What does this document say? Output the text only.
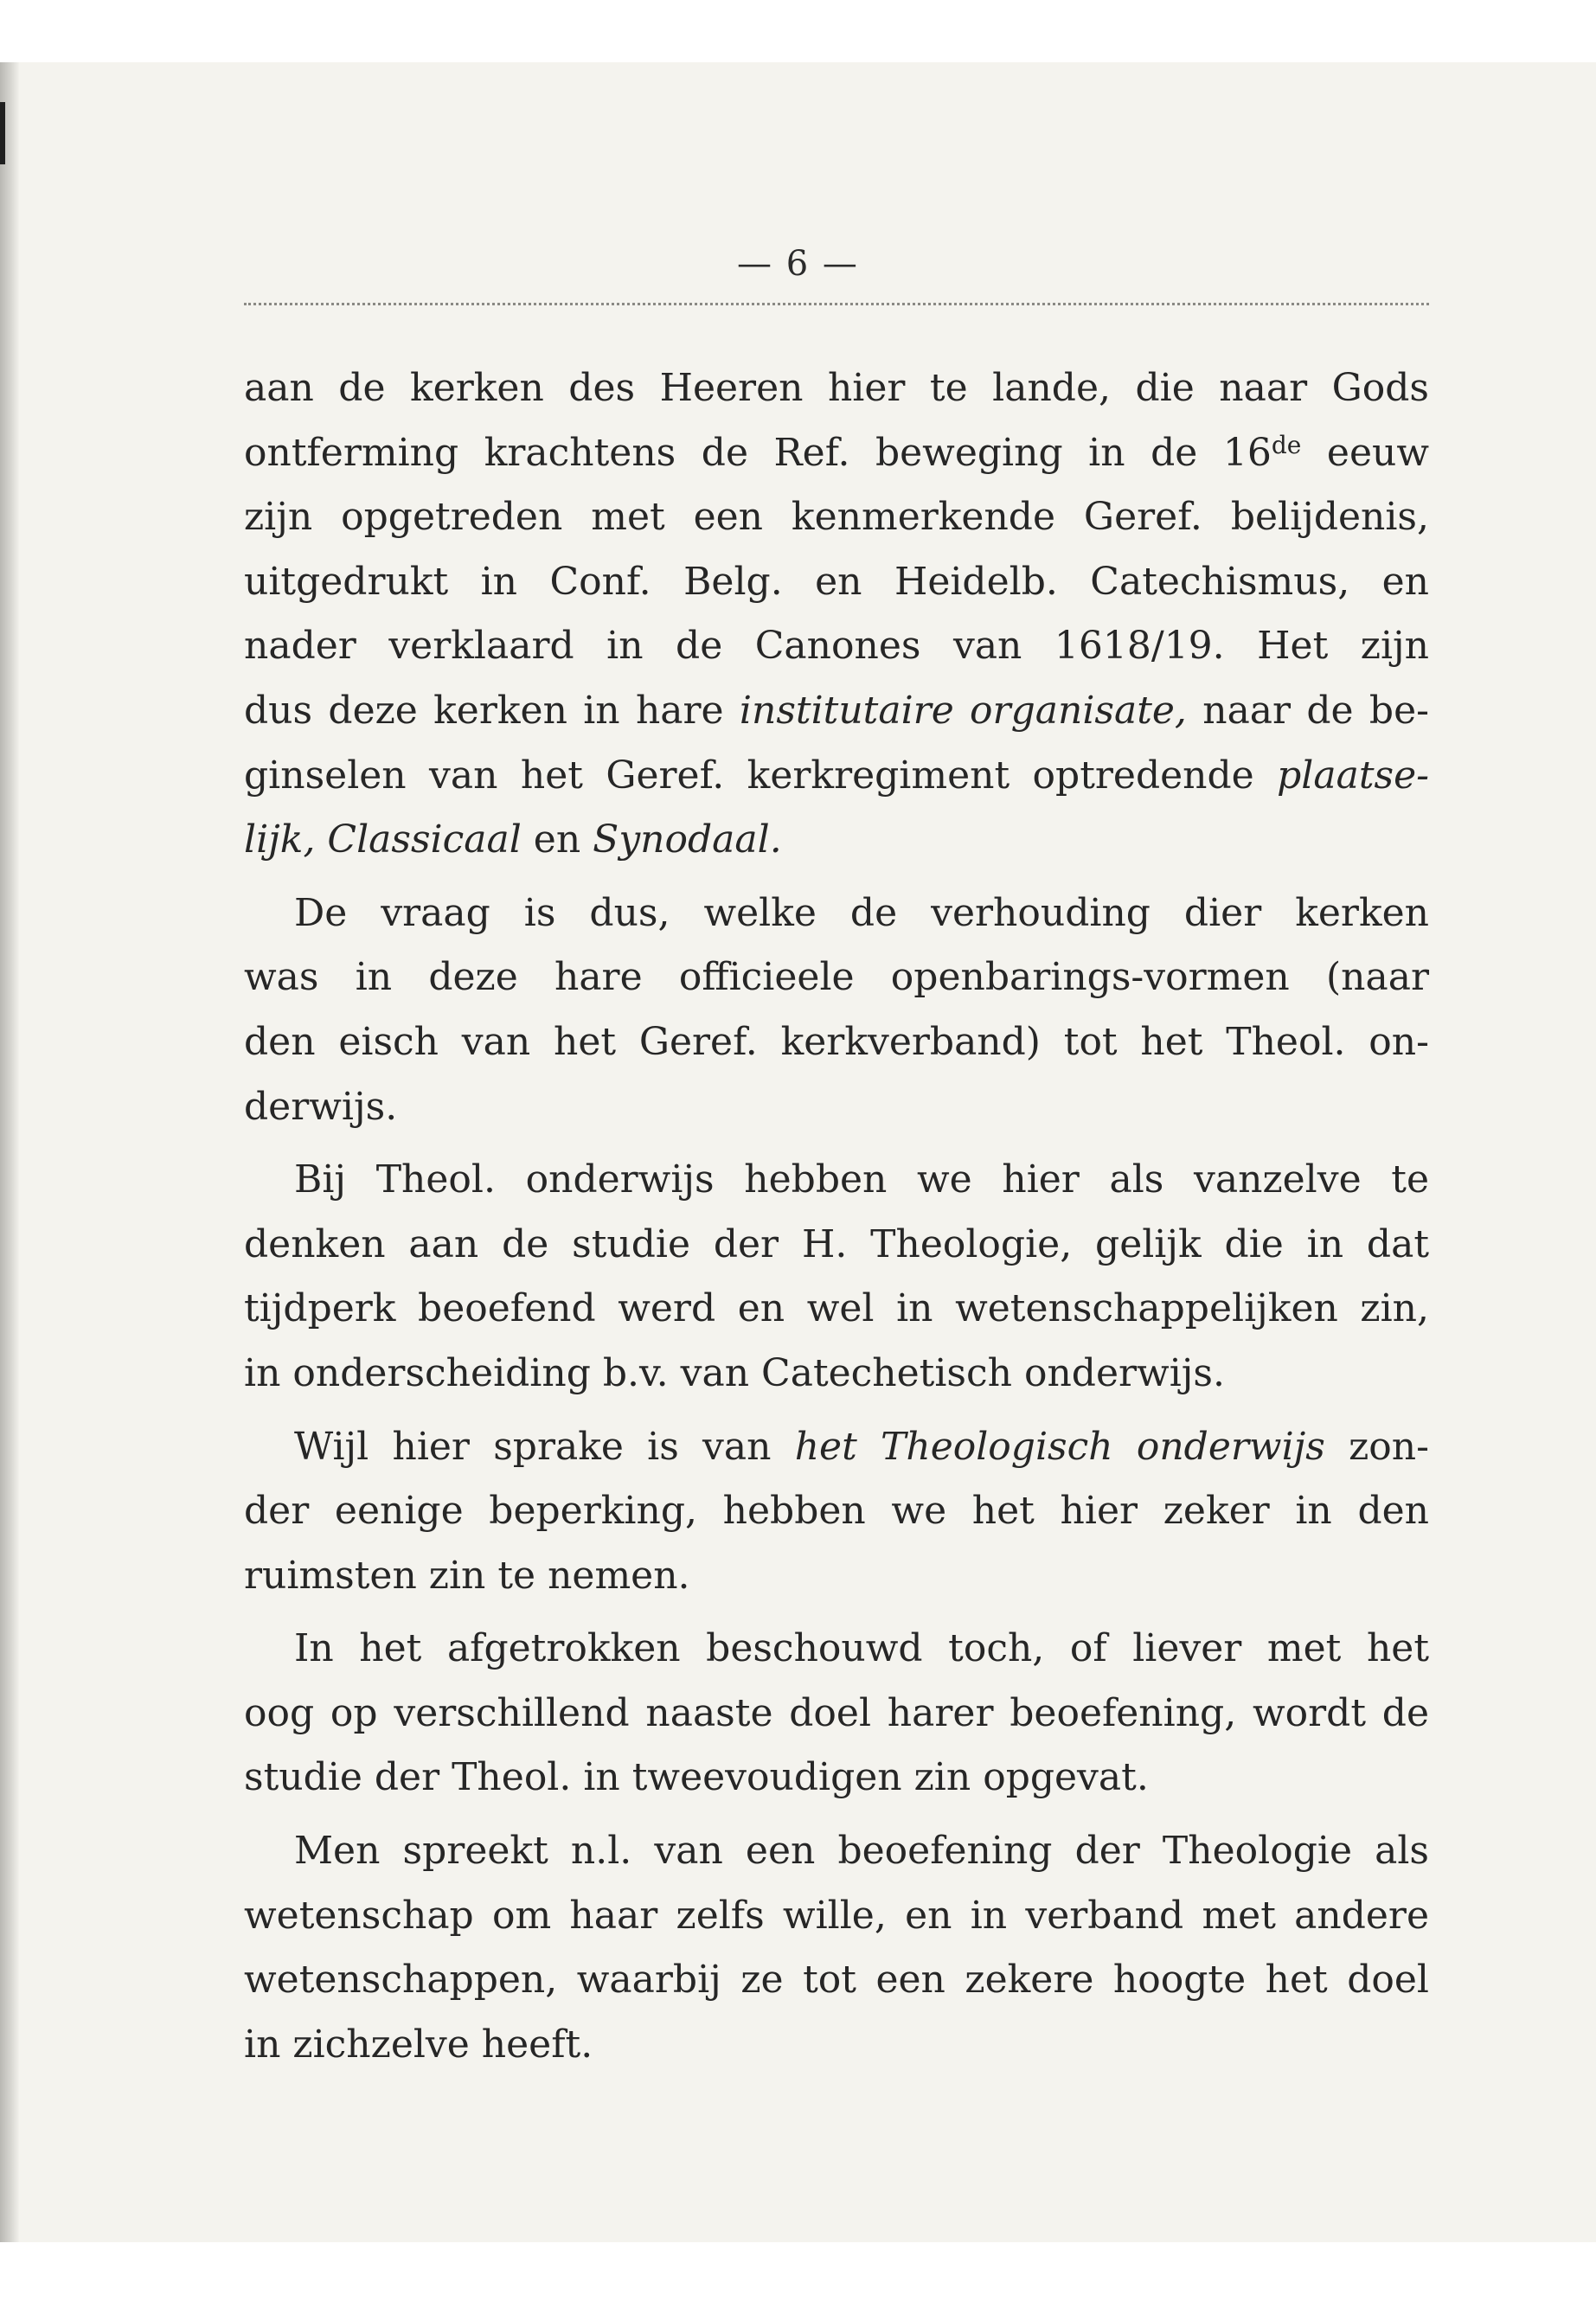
— 6 —

aan de kerken des Heeren hier te lande, die naar Gods
ontferming krachtens de Ref. beweging in de 16de eeuw
zijn opgetreden met een kenmerkende Geref. belijdenis,
uitgedrukt in Conf. Belg. en Heidelb. Catechismus, en
nader verklaard in de Canones van 1618/19. Het zijn
dus deze kerken in hare institutaire organisate, naar de be-
ginselen van het Geref. kerkregiment optredende plaatse-
lijk, Classicaal en Synodaal.
De vraag is dus, welke de verhouding dier kerken
was in deze hare officieele openbarings-vormen (naar
den eisch van het Geref. kerkverband) tot het Theol. on-
derwijs.
Bij Theol. onderwijs hebben we hier als vanzelve te
denken aan de studie der H. Theologie, gelijk die in dat
tijdperk beoefend werd en wel in wetenschappelijken zin,
in onderscheiding b.v. van Catechetisch onderwijs.
Wijl hier sprake is van het Theologisch onderwijs zon-
der eenige beperking, hebben we het hier zeker in den
ruimsten zin te nemen.
In het afgetrokken beschouwd toch, of liever met het
oog op verschillend naaste doel harer beoefening, wordt de
studie der Theol. in tweevoudigen zin opgevat.
Men spreekt n.l. van een beoefening der Theologie als
wetenschap om haar zelfs wille, en in verband met andere
wetenschappen, waarbij ze tot een zekere hoogte het doel
in zichzelve heeft.
